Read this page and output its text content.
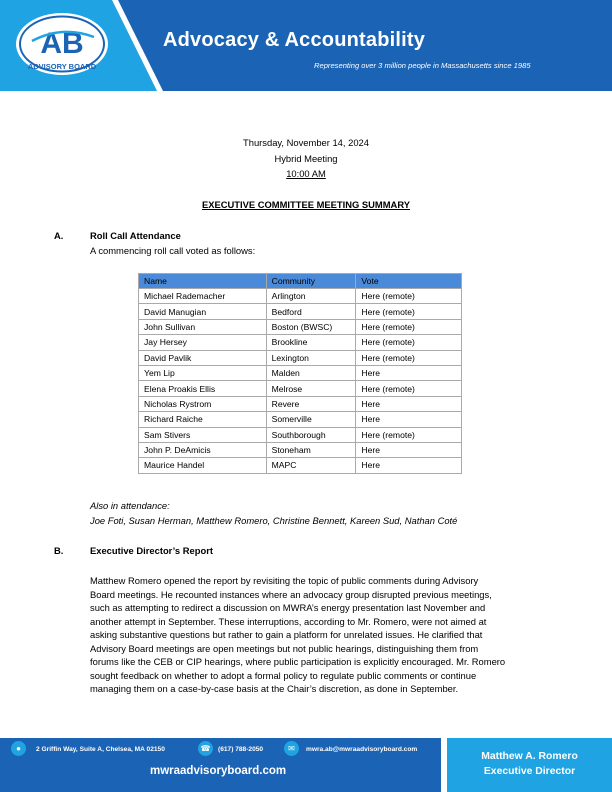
AB
ADVISORY BOARD
Advocacy & Accountability
Representing over 3 million people in Massachusetts since 1985
Thursday, November 14, 2024
Hybrid Meeting
10:00 AM
EXECUTIVE COMMITTEE MEETING SUMMARY
A.	Roll Call Attendance
A commencing roll call voted as follows:
Name	Community	Vote
Michael Rademacher	Arlington	Here (remote)
David Manugian	Bedford	Here (remote)
John Sullivan	Boston (BWSC)	Here (remote)
Jay Hersey	Brookline	Here (remote)
David Pavlik	Lexington	Here (remote)
Yem Lip	Malden	Here
Elena Proakis Ellis	Melrose	Here (remote)
Nicholas Rystrom	Revere	Here
Richard Raiche	Somerville	Here
Sam Stivers	Southborough	Here (remote)
John P. DeAmicis	Stoneham	Here
Maurice Handel	MAPC	Here
Also in attendance:
Joe Foti, Susan Herman, Matthew Romero, Christine Bennett, Kareen Sud, Nathan Coté
B.	Executive Director’s Report
Matthew Romero opened the report by revisiting the topic of public comments during Advisory
Board meetings. He recounted instances where an advocacy group disrupted previous meetings,
such as attempting to redirect a discussion on MWRA’s energy presentation last November and
another attempt in September. These interruptions, according to Mr. Romero, were not aimed at
asking substantive questions but rather to gain a platform for unrelated issues. He clarified that
Advisory Board meetings are open meetings but not public hearings, distinguishing them from
forums like the CEB or CIP hearings, where public participation is explicitly encouraged. Mr. Romero
sought feedback on whether to adopt a formal policy to regulate public comments or continue
managing them on a case-by-case basis at the Chair’s discretion, as done in September.
●	2 Griffin Way, Suite A, Chelsea, MA 02150	☎	(617) 788-2050	✉	mwra.ab@mwraadvisoryboard.com
mwraadvisoryboard.com
Matthew A. Romero
Executive Director
